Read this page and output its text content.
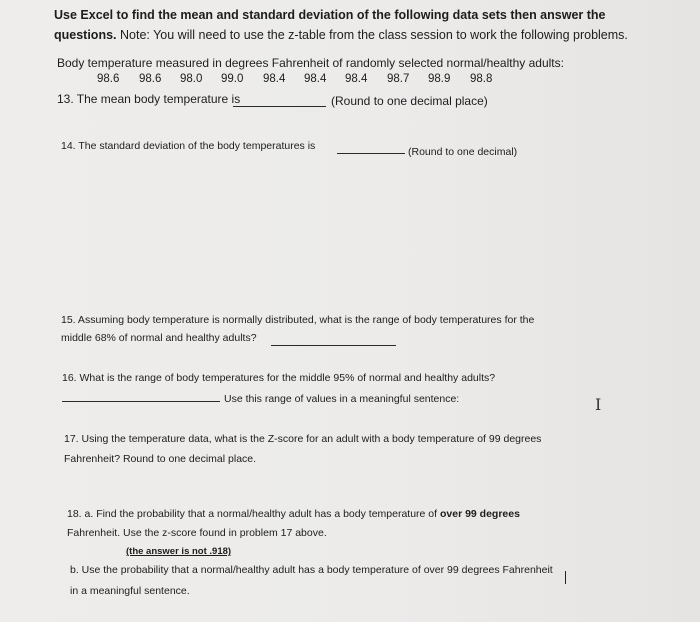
Use Excel to find the mean and standard deviation of the following data sets then answer the
questions. Note: You will need to use the z-table from the class session to work the following problems.
Body temperature measured in degrees Fahrenheit of randomly selected normal/healthy adults:
98.6 98.6 98.0 99.0 98.4 98.4 98.4 98.7 98.9 98.8
13. The mean body temperature is	(Round to one decimal place)
14. The standard deviation of the body temperatures is	(Round to one decimal)
15. Assuming body temperature is normally distributed, what is the range of body temperatures for the
middle 68% of normal and healthy adults?
16. What is the range of body temperatures for the middle 95% of normal and healthy adults?
Use this range of values in a meaningful sentence:	I
17. Using the temperature data, what is the Z-score for an adult with a body temperature of 99 degrees
Fahrenheit? Round to one decimal place.
18. a. Find the probability that a normal/healthy adult has a body temperature of over 99 degrees
Fahrenheit. Use the z-score found in problem 17 above.
(the answer is not .918)
b. Use the probability that a normal/healthy adult has a body temperature of over 99 degrees Fahrenheit
in a meaningful sentence.
